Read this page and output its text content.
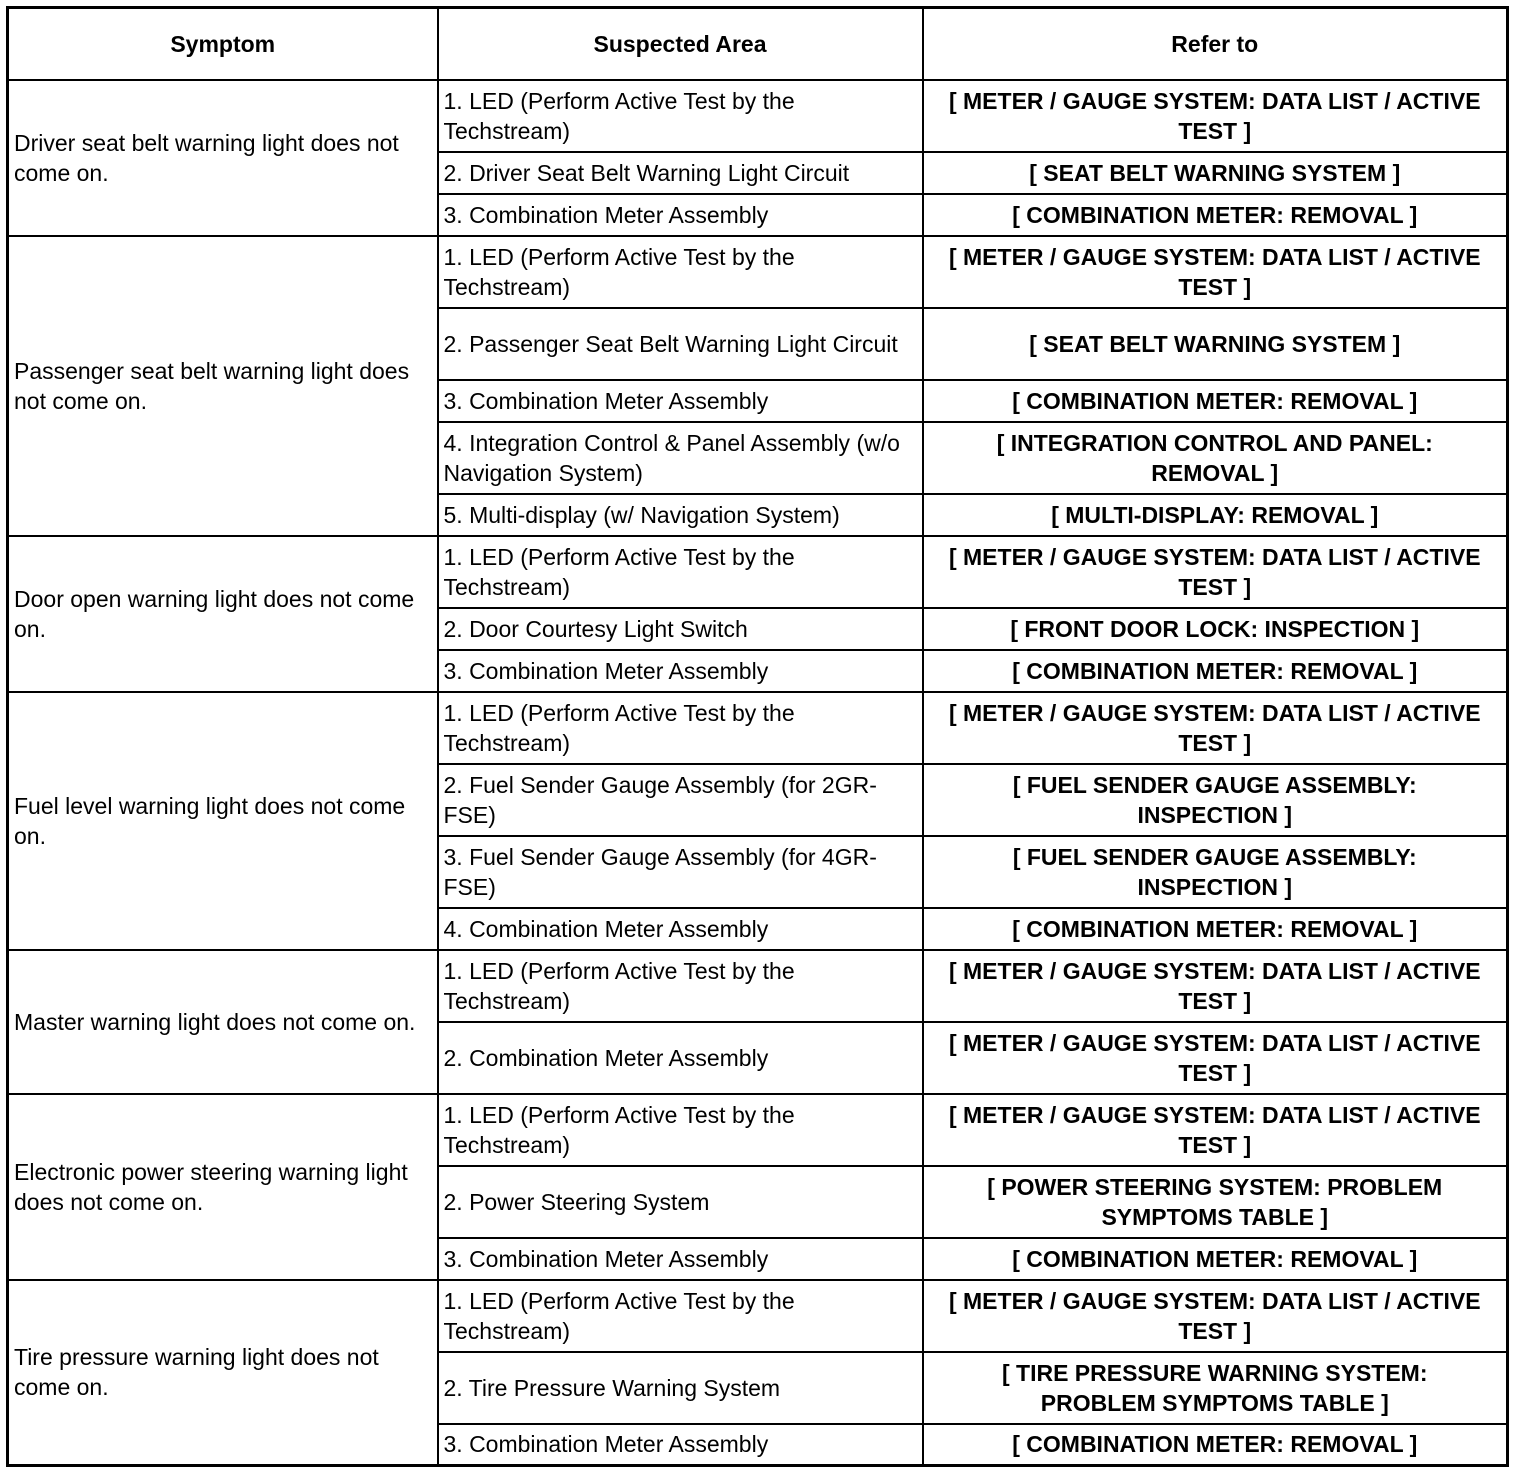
Symptom	Suspected Area	Refer to
Driver seat belt warning light does not come on.	1. LED (Perform Active Test by the Techstream)	[ METER / GAUGE SYSTEM: DATA LIST / ACTIVE TEST ]
	2. Driver Seat Belt Warning Light Circuit	[ SEAT BELT WARNING SYSTEM ]
	3. Combination Meter Assembly	[ COMBINATION METER: REMOVAL ]
Passenger seat belt warning light does not come on.	1. LED (Perform Active Test by the Techstream)	[ METER / GAUGE SYSTEM: DATA LIST / ACTIVE TEST ]
	2. Passenger Seat Belt Warning Light Circuit	[ SEAT BELT WARNING SYSTEM ]
	3. Combination Meter Assembly	[ COMBINATION METER: REMOVAL ]
	4. Integration Control & Panel Assembly (w/o Navigation System)	[ INTEGRATION CONTROL AND PANEL: REMOVAL ]
	5. Multi-display (w/ Navigation System)	[ MULTI-DISPLAY: REMOVAL ]
Door open warning light does not come on.	1. LED (Perform Active Test by the Techstream)	[ METER / GAUGE SYSTEM: DATA LIST / ACTIVE TEST ]
	2. Door Courtesy Light Switch	[ FRONT DOOR LOCK: INSPECTION ]
	3. Combination Meter Assembly	[ COMBINATION METER: REMOVAL ]
Fuel level warning light does not come on.	1. LED (Perform Active Test by the Techstream)	[ METER / GAUGE SYSTEM: DATA LIST / ACTIVE TEST ]
	2. Fuel Sender Gauge Assembly (for 2GR-FSE)	[ FUEL SENDER GAUGE ASSEMBLY: INSPECTION ]
	3. Fuel Sender Gauge Assembly (for 4GR-FSE)	[ FUEL SENDER GAUGE ASSEMBLY: INSPECTION ]
	4. Combination Meter Assembly	[ COMBINATION METER: REMOVAL ]
Master warning light does not come on.	1. LED (Perform Active Test by the Techstream)	[ METER / GAUGE SYSTEM: DATA LIST / ACTIVE TEST ]
	2. Combination Meter Assembly	[ METER / GAUGE SYSTEM: DATA LIST / ACTIVE TEST ]
Electronic power steering warning light does not come on.	1. LED (Perform Active Test by the Techstream)	[ METER / GAUGE SYSTEM: DATA LIST / ACTIVE TEST ]
	2. Power Steering System	[ POWER STEERING SYSTEM: PROBLEM SYMPTOMS TABLE ]
	3. Combination Meter Assembly	[ COMBINATION METER: REMOVAL ]
Tire pressure warning light does not come on.	1. LED (Perform Active Test by the Techstream)	[ METER / GAUGE SYSTEM: DATA LIST / ACTIVE TEST ]
	2. Tire Pressure Warning System	[ TIRE PRESSURE WARNING SYSTEM: PROBLEM SYMPTOMS TABLE ]
	3. Combination Meter Assembly	[ COMBINATION METER: REMOVAL ]
